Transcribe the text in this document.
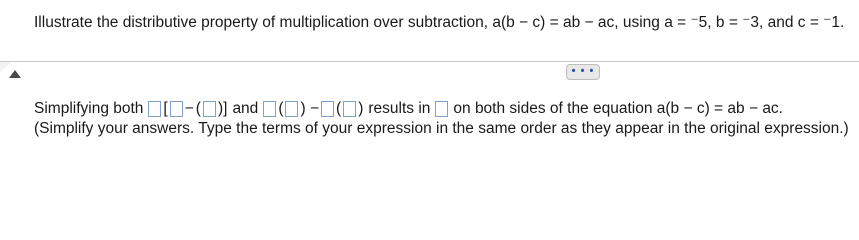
Illustrate the distributive property of multiplication over subtraction, a(b − c) = ab − ac, using a = ⁻5, b = ⁻3, and c = ⁻1.
• • •
Simplifying both [ − ( )] and ( ) − ( ) results in on both sides of the equation a(b − c) = ab − ac.
(Simplify your answers. Type the terms of your expression in the same order as they appear in the original expression.)
